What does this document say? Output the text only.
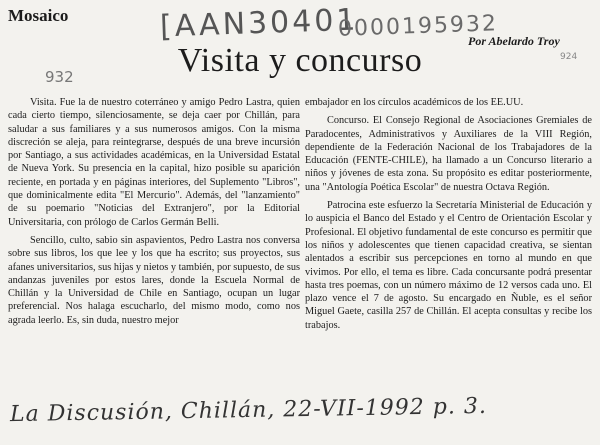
Mosaico	[AAN30401
0000195932
932
924
Por Abelardo Troy
Visita y concurso

Visita. Fue la de nuestro coterráneo y amigo Pedro Lastra, quien cada cierto tiempo, silenciosamente, se deja caer por Chillán, para saludar a sus familiares y a sus numerosos amigos. Con la misma discreción se aleja, para reintegrarse, después de una breve incursión por Santiago, a sus actividades académicas, en la Universidad Estatal de Nueva York. Su presencia en la capital, hizo posible su aparición reciente, en portada y en páginas interiores, del Suplemento "Libros", que dominicalmente edita "El Mercurio". Además, del "lanzamiento" de su poemario "Noticias del Extranjero", por la Editorial Universitaria, con prólogo de Carlos Germán Belli.

Sencillo, culto, sabio sin aspavientos, Pedro Lastra nos conversa sobre sus libros, los que lee y los que ha escrito; sus proyectos, sus afanes universitarios, sus hijas y nietos y también, por supuesto, de sus andanzas juveniles por estos lares, donde la Escuela Normal de Chillán y la Universidad de Chile en Santiago, ocupan un lugar preferencial. Nos halaga escucharlo, del mismo modo, como nos agrada leerlo. Es, sin duda, nuestro mejor

embajador en los círculos académicos de los EE.UU.

Concurso. El Consejo Regional de Asociaciones Gremiales de Paradocentes, Administrativos y Auxiliares de la VIII Región, dependiente de la Federación Nacional de los Trabajadores de la Educación (FENTE-CHILE), ha llamado a un Concurso literario a niños y jóvenes de esta zona. Su propósito es editar posteriormente, una "Antología Poética Escolar" de nuestra Octava Región.

Patrocina este esfuerzo la Secretaría Ministerial de Educación y lo auspicia el Banco del Estado y el Centro de Orientación Escolar y Profesional. El objetivo fundamental de este concurso es permitir que los niños y adolescentes que tienen capacidad creativa, se sientan alentados a escribir sus percepciones en torno al mundo en que vivimos. Por ello, el tema es libre. Cada concursante podrá presentar hasta tres poemas, con un número máximo de 12 versos cada uno. El plazo vence el 7 de agosto. Su encargado en Ñuble, es el señor Miguel Gaete, casilla 257 de Chillán. El acepta consultas y recibe los trabajos.

La Discusión, Chillán, 22-VII-1992 p. 3.
